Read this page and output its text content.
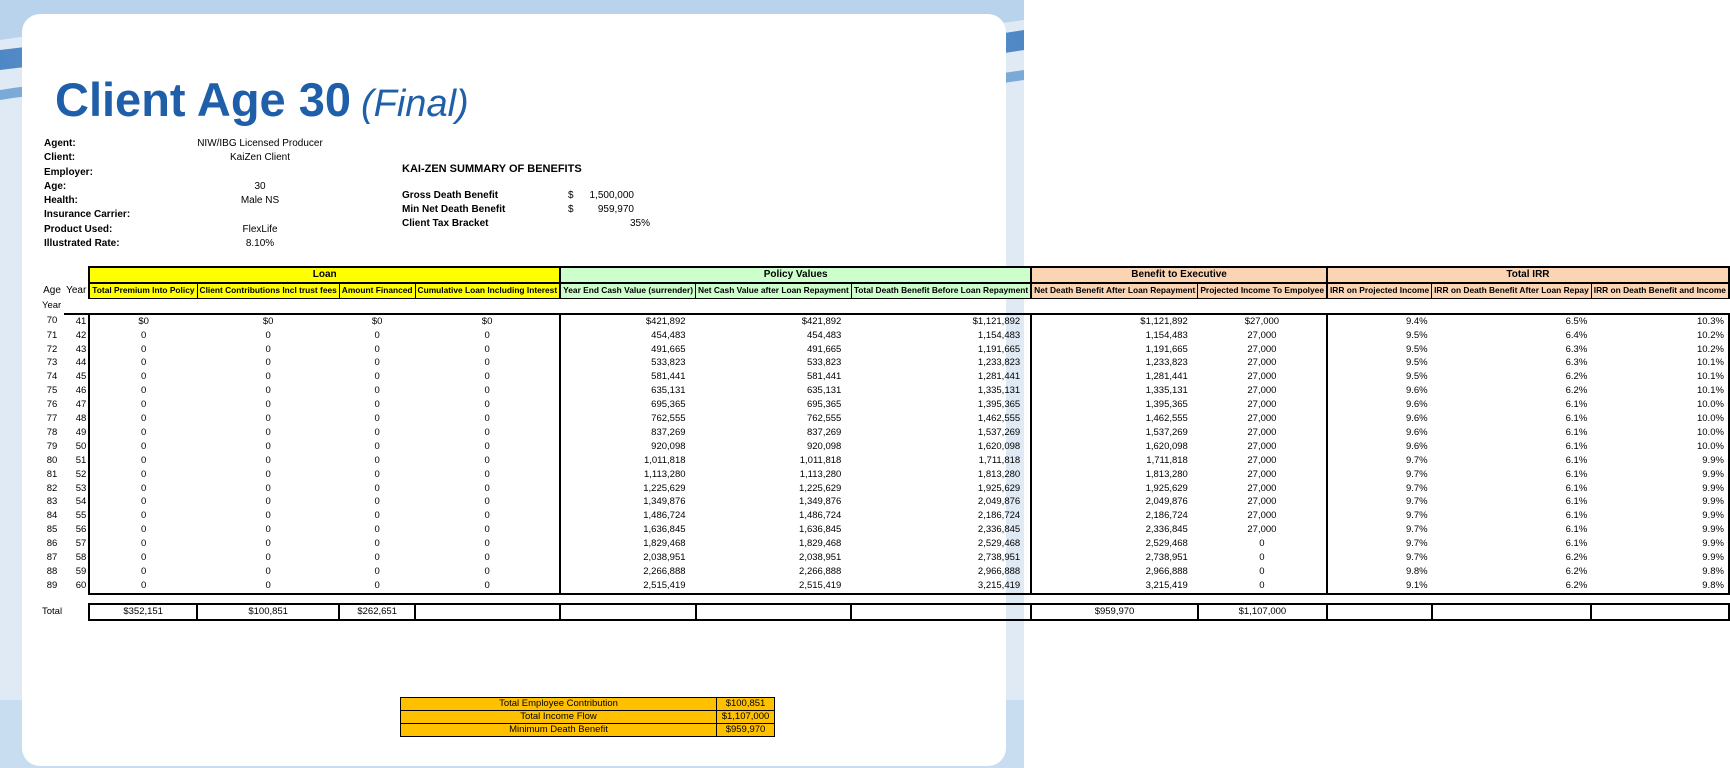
Client Age 30 (Final)
Agent:	NIW/IBG Licensed Producer
Client:	KaiZen Client
Employer:
Age:	30
Health:	Male NS
Insurance Carrier:
Product Used:	FlexLife
Illustrated Rate:	8.10%
KAI-ZEN SUMMARY OF BENEFITS
Gross Death Benefit	$	1,500,000
Min Net Death Benefit	$	959,970
Client Tax Bracket	35%
		Loan				Policy Values			Benefit to Executive		Total IRR		
Age	Year	Total Premium Into Policy	Client Contributions Incl trust fees	Amount Financed	Cumulative Loan Including Interest	Year End Cash Value (surrender)	Net Cash Value after Loan Repayment	Total Death Benefit Before Loan Repayment	Net Death Benefit After Loan Repayment	Projected Income To Empolyee	IRR on Projected Income	IRR on Death Benefit After Loan Repay	IRR on Death Benefit and Income
Year													
70	41	$0	$0	$0	$0	$421,892	$421,892	$1,121,892	$1,121,892	$27,000	9.4%	6.5%	10.3%
71	42	0	0	0	0	454,483	454,483	1,154,483	1,154,483	27,000	9.5%	6.4%	10.2%
72	43	0	0	0	0	491,665	491,665	1,191,665	1,191,665	27,000	9.5%	6.3%	10.2%
73	44	0	0	0	0	533,823	533,823	1,233,823	1,233,823	27,000	9.5%	6.3%	10.1%
74	45	0	0	0	0	581,441	581,441	1,281,441	1,281,441	27,000	9.5%	6.2%	10.1%
75	46	0	0	0	0	635,131	635,131	1,335,131	1,335,131	27,000	9.6%	6.2%	10.1%
76	47	0	0	0	0	695,365	695,365	1,395,365	1,395,365	27,000	9.6%	6.1%	10.0%
77	48	0	0	0	0	762,555	762,555	1,462,555	1,462,555	27,000	9.6%	6.1%	10.0%
78	49	0	0	0	0	837,269	837,269	1,537,269	1,537,269	27,000	9.6%	6.1%	10.0%
79	50	0	0	0	0	920,098	920,098	1,620,098	1,620,098	27,000	9.6%	6.1%	10.0%
80	51	0	0	0	0	1,011,818	1,011,818	1,711,818	1,711,818	27,000	9.7%	6.1%	9.9%
81	52	0	0	0	0	1,113,280	1,113,280	1,813,280	1,813,280	27,000	9.7%	6.1%	9.9%
82	53	0	0	0	0	1,225,629	1,225,629	1,925,629	1,925,629	27,000	9.7%	6.1%	9.9%
83	54	0	0	0	0	1,349,876	1,349,876	2,049,876	2,049,876	27,000	9.7%	6.1%	9.9%
84	55	0	0	0	0	1,486,724	1,486,724	2,186,724	2,186,724	27,000	9.7%	6.1%	9.9%
85	56	0	0	0	0	1,636,845	1,636,845	2,336,845	2,336,845	27,000	9.7%	6.1%	9.9%
86	57	0	0	0	0	1,829,468	1,829,468	2,529,468	2,529,468	0	9.7%	6.1%	9.9%
87	58	0	0	0	0	2,038,951	2,038,951	2,738,951	2,738,951	0	9.7%	6.2%	9.9%
88	59	0	0	0	0	2,266,888	2,266,888	2,966,888	2,966,888	0	9.8%	6.2%	9.8%
89	60	0	0	0	0	2,515,419	2,515,419	3,215,419	3,215,419	0	9.1%	6.2%	9.8%

Total		$352,151	$100,851	$262,651					$959,970	$1,107,000			
Total Employee Contribution	$100,851
Total Income Flow	$1,107,000
Minimum Death Benefit	$959,970
